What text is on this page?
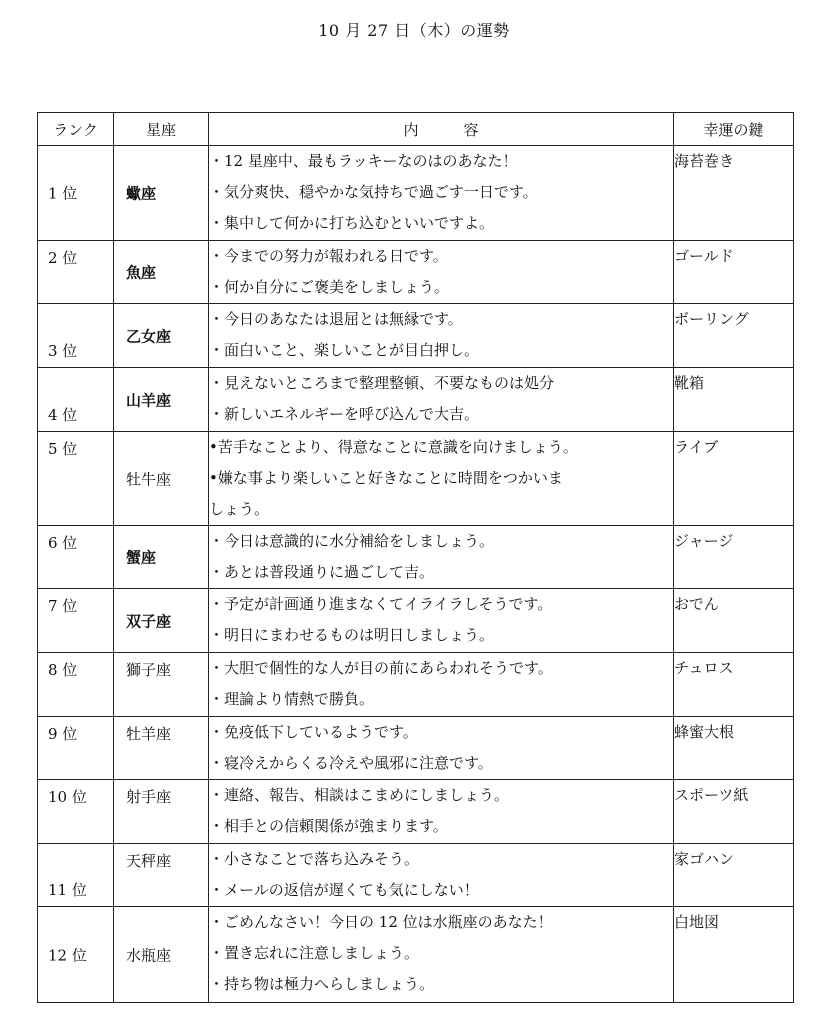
10 月 27 日（木）の運勢
ランク	星座	内　　　容	幸運の鍵

1 位	蠍座	・12 星座中、最もラッキーなのはのあなた！
・気分爽快、穏やかな気持ちで過ごす一日です。
・集中して何かに打ち込むといいですよ。	海苔巻き

2 位	魚座	・今までの努力が報われる日です。
・何か自分にご褒美をしましょう。	ゴールド

3 位	乙女座	・今日のあなたは退屈とは無縁です。
・面白いこと、楽しいことが目白押し。	ボーリング

4 位	山羊座	・見えないところまで整理整頓、不要なものは処分
・新しいエネルギーを呼び込んで大吉。	靴箱

5 位	牡牛座	•苦手なことより、得意なことに意識を向けましょう。
•嫌な事より楽しいこと好きなことに時間をつかいま
しょう。	ライブ

6 位	蟹座	・今日は意識的に水分補給をしましょう。
・あとは普段通りに過ごして吉。	ジャージ

7 位	双子座	・予定が計画通り進まなくてイライラしそうです。
・明日にまわせるものは明日しましょう。	おでん

8 位	獅子座	・大胆で個性的な人が目の前にあらわれそうです。
・理論より情熱で勝負。	チュロス

9 位	牡羊座	・免疫低下しているようです。
・寝冷えからくる冷えや風邪に注意です。	蜂蜜大根

10 位	射手座	・連絡、報告、相談はこまめにしましょう。
・相手との信頼関係が強まります。	スポーツ紙

11 位	天秤座	・小さなことで落ち込みそう。
・メールの返信が遅くても気にしない！	家ゴハン

12 位	水瓶座	・ごめんなさい！今日の 12 位は水瓶座のあなた！
・置き忘れに注意しましょう。
・持ち物は極力へらしましょう。	白地図
